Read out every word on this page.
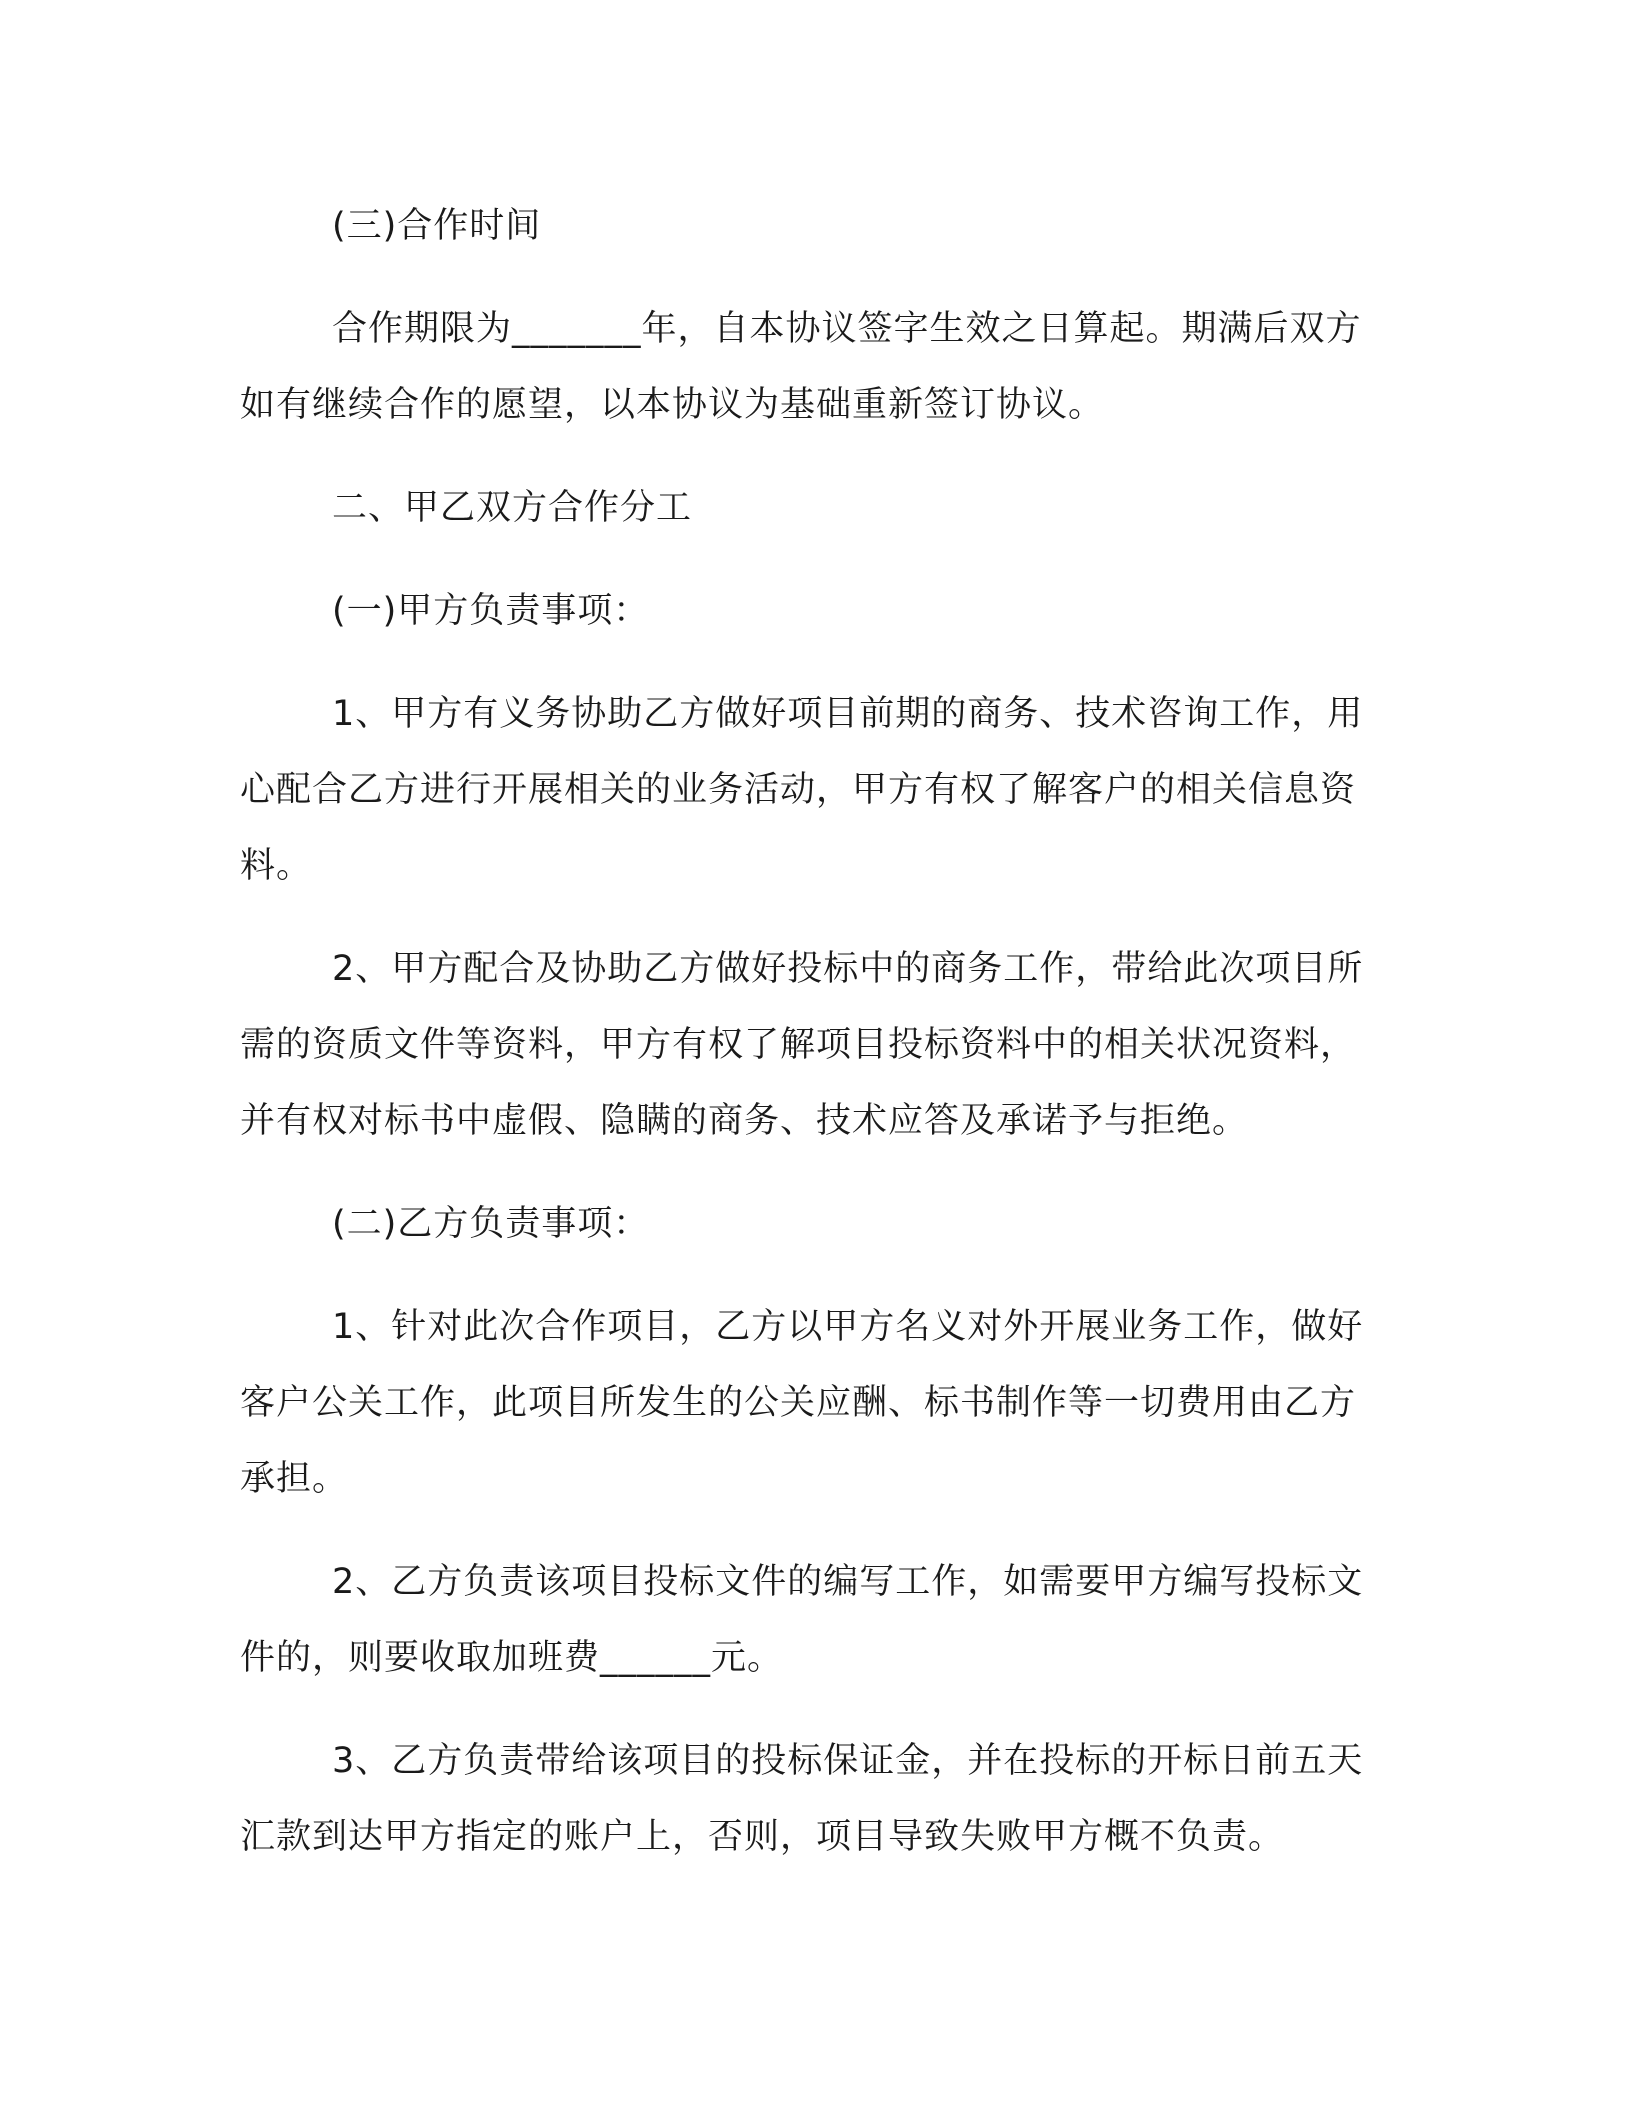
(三)合作时间

合作期限为_______年，自本协议签字生效之日算起。期满后双方如有继续合作的愿望，以本协议为基础重新签订协议。

二、甲乙双方合作分工

(一)甲方负责事项：

1、甲方有义务协助乙方做好项目前期的商务、技术咨询工作，用心配合乙方进行开展相关的业务活动，甲方有权了解客户的相关信息资料。

2、甲方配合及协助乙方做好投标中的商务工作，带给此次项目所需的资质文件等资料，甲方有权了解项目投标资料中的相关状况资料，并有权对标书中虚假、隐瞒的商务、技术应答及承诺予与拒绝。

(二)乙方负责事项：

1、针对此次合作项目，乙方以甲方名义对外开展业务工作，做好客户公关工作，此项目所发生的公关应酬、标书制作等一切费用由乙方承担。

2、乙方负责该项目投标文件的编写工作，如需要甲方编写投标文件的，则要收取加班费______元。

3、乙方负责带给该项目的投标保证金，并在投标的开标日前五天汇款到达甲方指定的账户上，否则，项目导致失败甲方概不负责。
